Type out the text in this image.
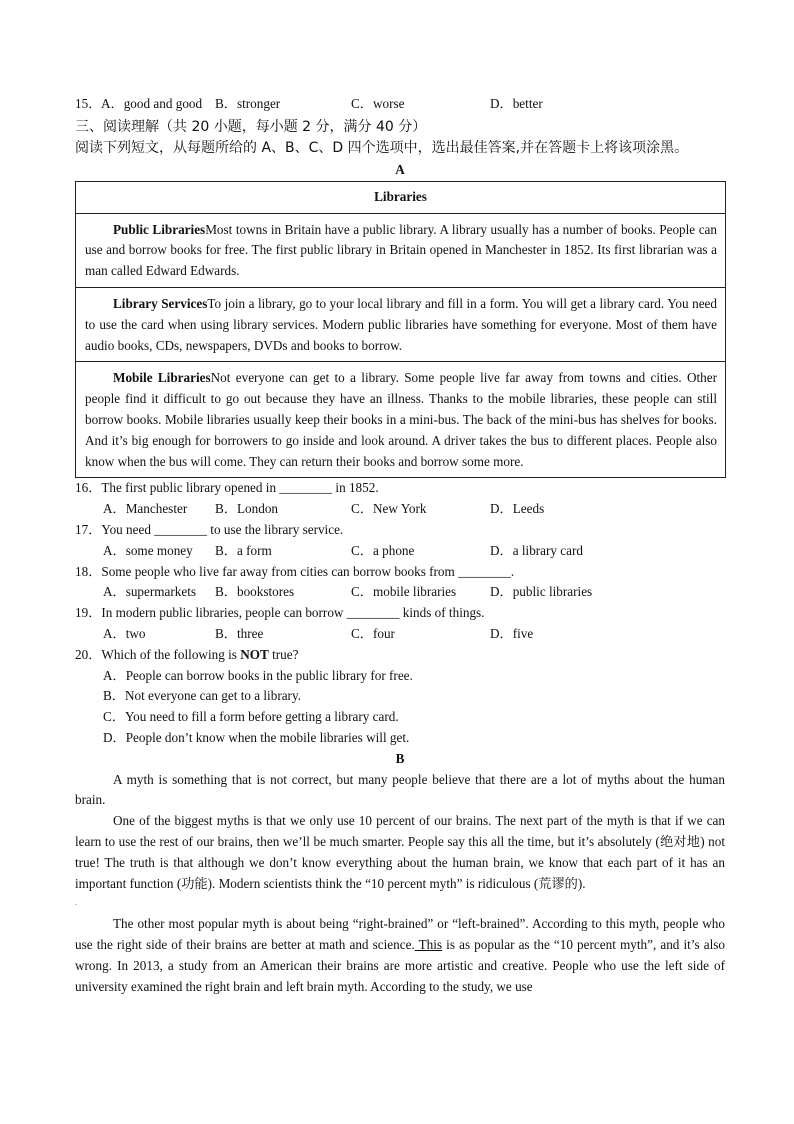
15． A．good and good B．stronger	C．worse	D．better
三、阅读理解（共 20 小题，每小题 2 分，满分 40 分）
阅读下列短文，从每题所给的 A、B、C、D 四个选项中，选出最佳答案,并在答题卡上将该项涂黑。
A
Libraries
Public LibrariesMost towns in Britain have a public library. A library usually has a number of books. People can use and borrow books for free. The first public library in Britain opened in Manchester in 1852. Its first librarian was a man called Edward Edwards.
Library ServicesTo join a library, go to your local library and fill in a form. You will get a library card. You need to use the card when using library services. Modern public libraries have something for everyone. Most of them have audio books, CDs, newspapers, DVDs and books to borrow.
Mobile LibrariesNot everyone can get to a library. Some people live far away from towns and cities. Other people find it difficult to go out because they have an illness. Thanks to the mobile libraries, these people can still borrow books. Mobile libraries usually keep their books in a mini-bus. The back of the mini-bus has shelves for books. And it’s big enough for borrowers to go inside and look around. A driver takes the bus to different places. People also know when the bus will come. They can return their books and borrow some more.
16．The first public library opened in ________ in 1852.
A．Manchester B．London	C．New York	D．Leeds
17．You need ________ to use the library service.
A．some money B．a form	C．a phone	D．a library card
18．Some people who live far away from cities can borrow books from ________.
A．supermarkets B．bookstores	C．mobile libraries	D．public libraries
19．In modern public libraries, people can borrow ________ kinds of things.
A．two	B．three	C．four	D．five
20．Which of the following is NOT true?
A．People can borrow books in the public library for free.
B．Not everyone can get to a library.
C．You need to fill a form before getting a library card.
D．People don’t know when the mobile libraries will get.
B
A myth is something that is not correct, but many people believe that there are a lot of myths about the human brain.
One of the biggest myths is that we only use 10 percent of our brains. The next part of the myth is that if we can learn to use the rest of our brains, then we’ll be much smarter. People say this all the time, but it’s absolutely (绝对地) not true! The truth is that although we don’t know everything about the human brain, we know that each part of it has an important function (功能). Modern scientists think the “10 percent myth” is ridiculous (荒谬的).
.
The other most popular myth is about being “right-brained” or “left-brained”. According to this myth, people who use the right side of their brains are better at math and science. This is as popular as the “10 percent myth”, and it’s also wrong. In 2013, a study from an American their brains are more artistic and creative. People who use the left side of university examined the right brain and left brain myth. According to the study, we use
